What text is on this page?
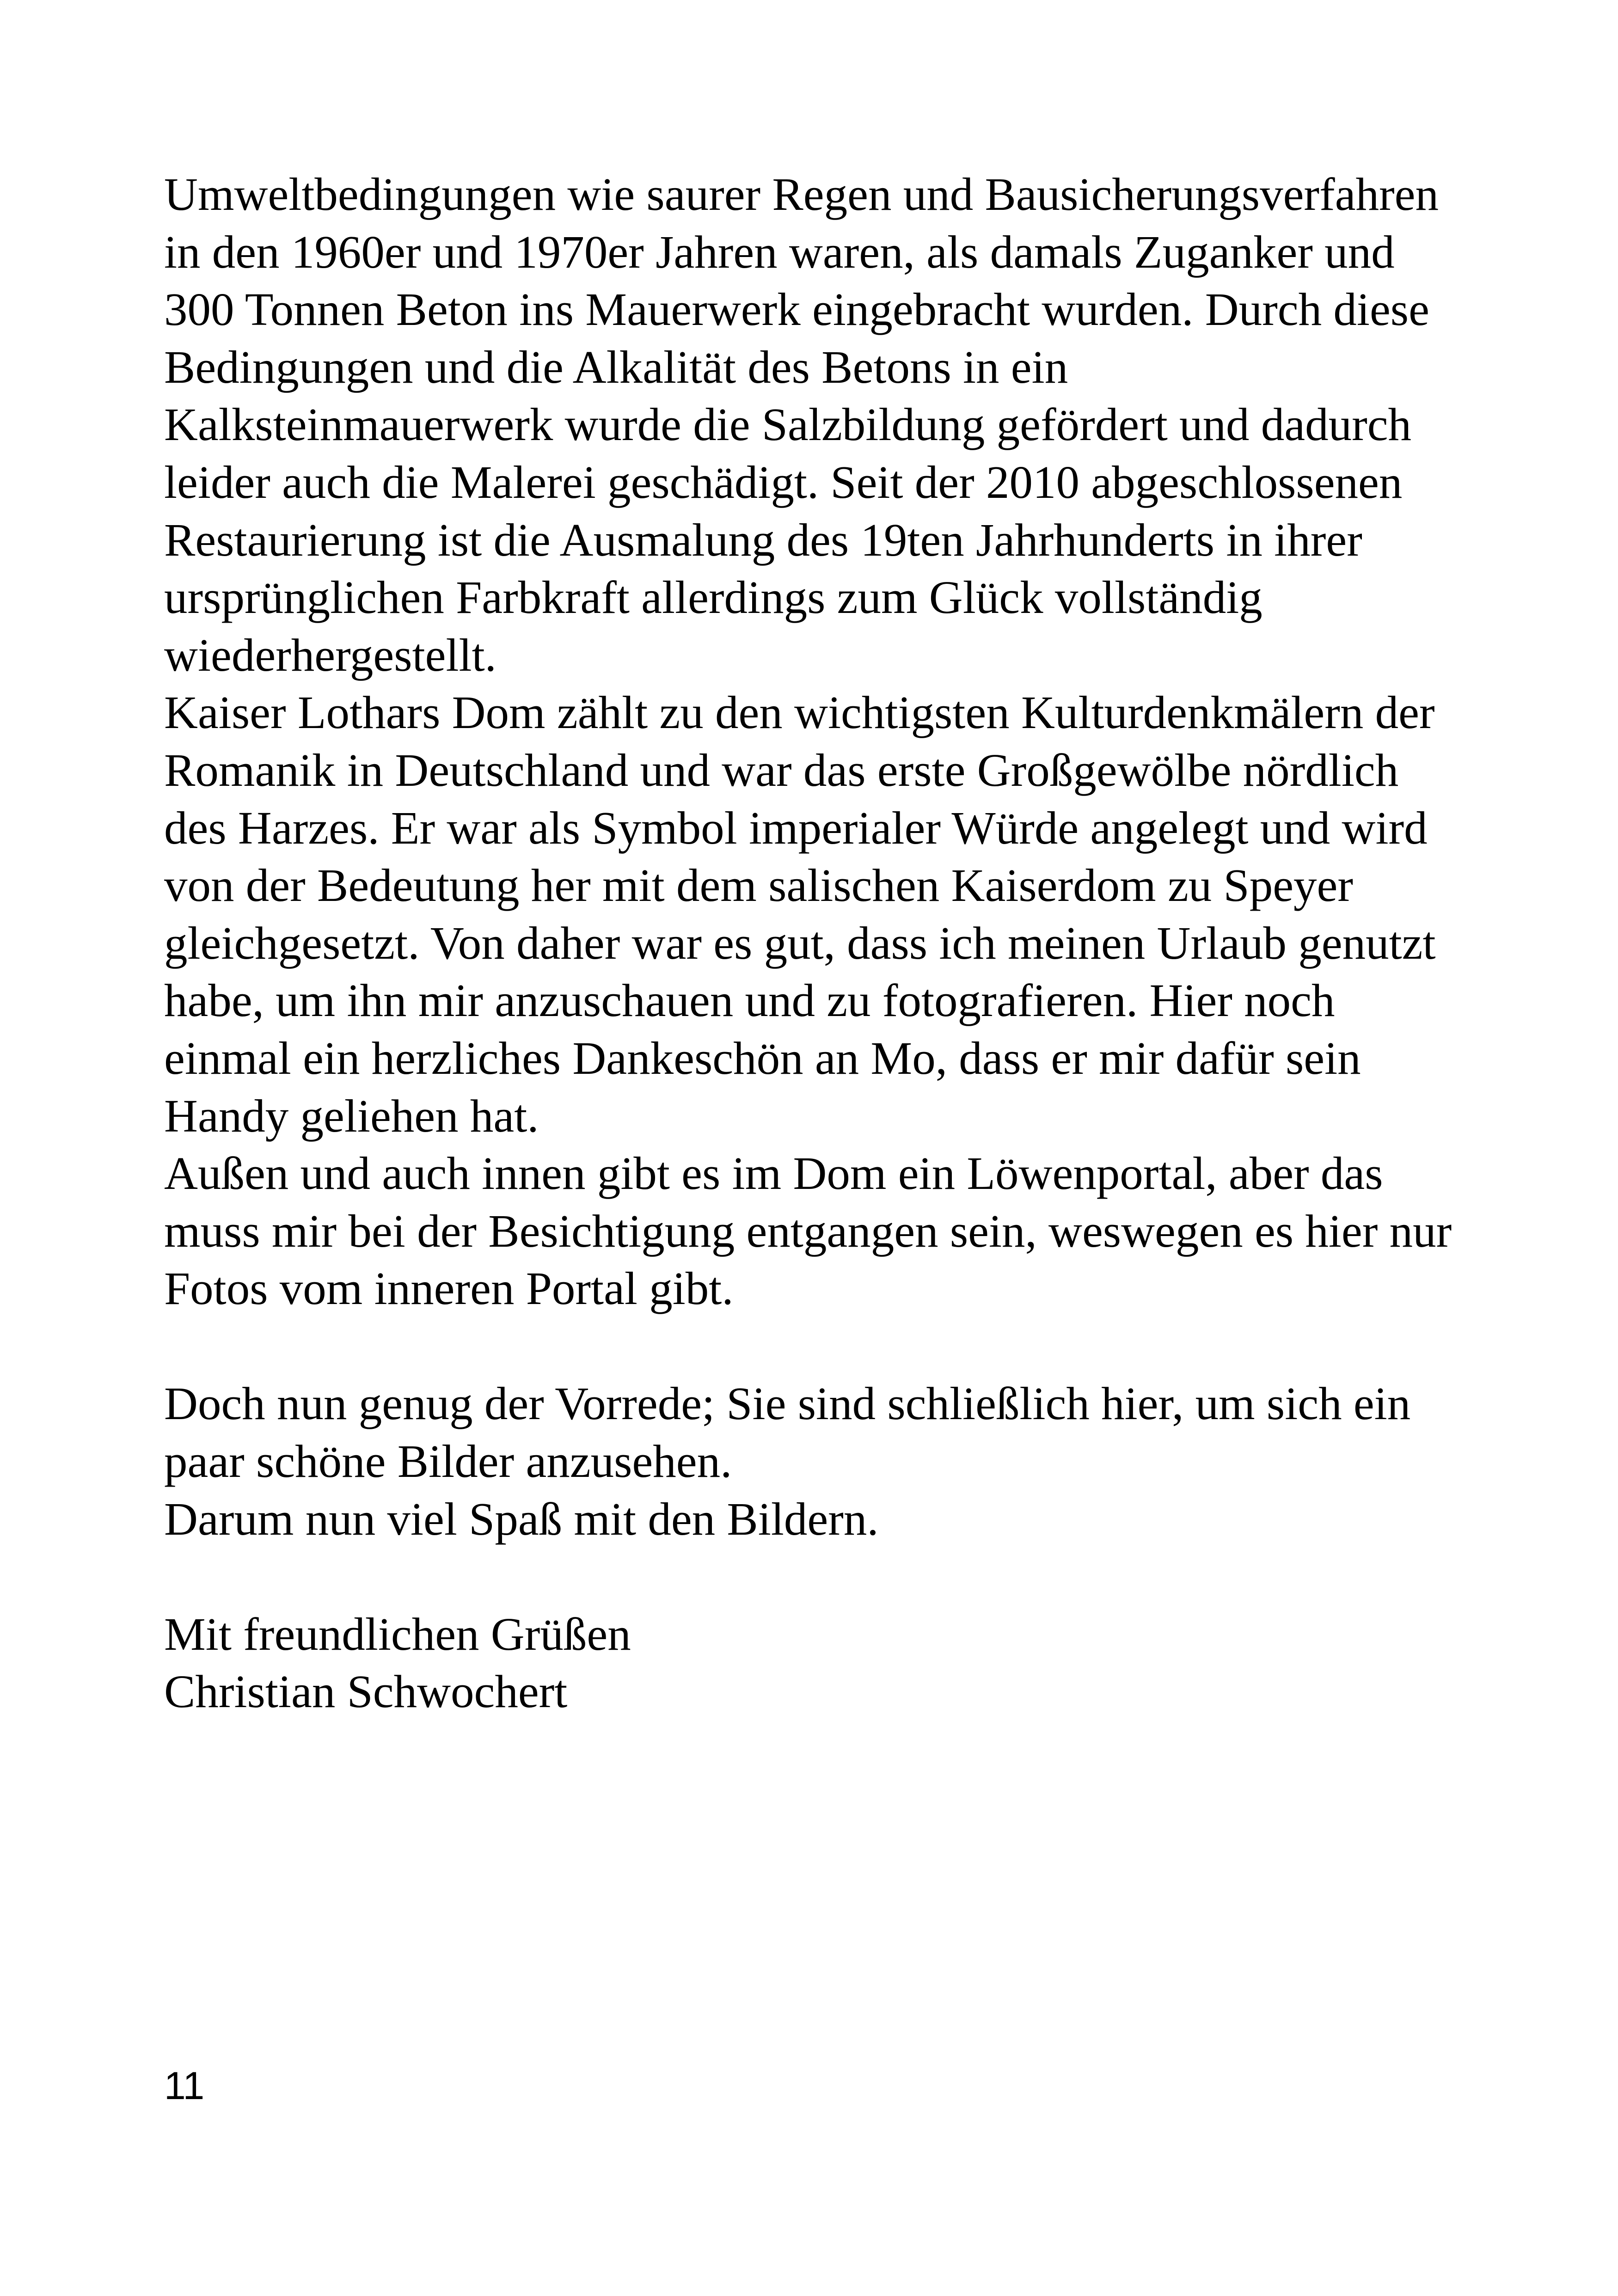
Umweltbedingungen wie saurer Regen und Bausicherungsverfahren
in den 1960er und 1970er Jahren waren, als damals Zuganker und
300 Tonnen Beton ins Mauerwerk eingebracht wurden. Durch diese
Bedingungen und die Alkalität des Betons in ein
Kalksteinmauerwerk wurde die Salzbildung gefördert und dadurch
leider auch die Malerei geschädigt. Seit der 2010 abgeschlossenen
Restaurierung ist die Ausmalung des 19ten Jahrhunderts in ihrer
ursprünglichen Farbkraft allerdings zum Glück vollständig
wiederhergestellt.
Kaiser Lothars Dom zählt zu den wichtigsten Kulturdenkmälern der
Romanik in Deutschland und war das erste Großgewölbe nördlich
des Harzes. Er war als Symbol imperialer Würde angelegt und wird
von der Bedeutung her mit dem salischen Kaiserdom zu Speyer
gleichgesetzt. Von daher war es gut, dass ich meinen Urlaub genutzt
habe, um ihn mir anzuschauen und zu fotografieren. Hier noch
einmal ein herzliches Dankeschön an Mo, dass er mir dafür sein
Handy geliehen hat.
Außen und auch innen gibt es im Dom ein Löwenportal, aber das
muss mir bei der Besichtigung entgangen sein, weswegen es hier nur
Fotos vom inneren Portal gibt.
Doch nun genug der Vorrede; Sie sind schließlich hier, um sich ein
paar schöne Bilder anzusehen.
Darum nun viel Spaß mit den Bildern.
Mit freundlichen Grüßen
Christian Schwochert
11
